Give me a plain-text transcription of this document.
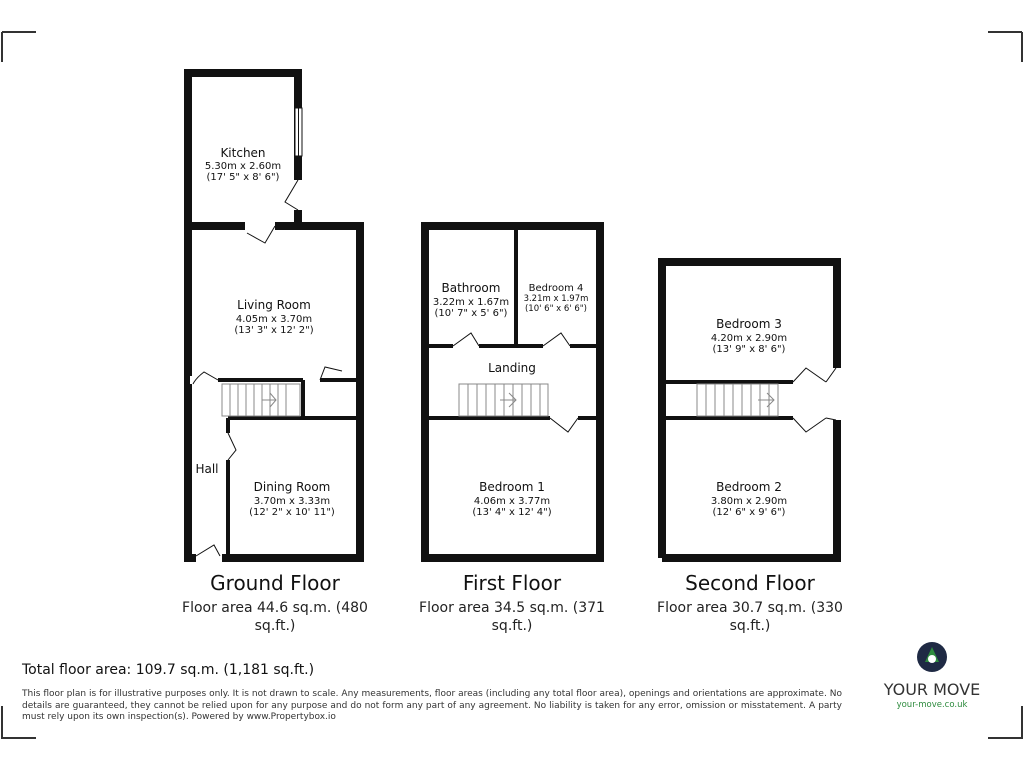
Kitchen
5.30m x 2.60m
(17' 5" x 8' 6")
Living Room
4.05m x 3.70m
(13' 3" x 12' 2")
Hall
Dining Room
3.70m x 3.33m
(12' 2" x 10' 11")
Bathroom
3.22m x 1.67m
(10' 7" x 5' 6")
Bedroom 4
3.21m x 1.97m
(10' 6" x 6' 6")
Landing
Bedroom 1
4.06m x 3.77m
(13' 4" x 12' 4")
Bedroom 3
4.20m x 2.90m
(13' 9" x 8' 6")
Bedroom 2
3.80m x 2.90m
(12' 6" x 9' 6")
Ground Floor
Floor area 44.6 sq.m. (480 sq.ft.)
First Floor
Floor area 34.5 sq.m. (371 sq.ft.)
Second Floor
Floor area 30.7 sq.m. (330 sq.ft.)
Total floor area: 109.7 sq.m. (1,181 sq.ft.)
This floor plan is for illustrative purposes only. It is not drawn to scale. Any measurements, floor areas (including any total floor area), openings and orientations are approximate. No details are guaranteed, they cannot be relied upon for any purpose and do not form any part of any agreement. No liability is taken for any error, omission or misstatement. A party must rely upon its own inspection(s). Powered by www.Propertybox.io
YOUR MOVE
your-move.co.uk
